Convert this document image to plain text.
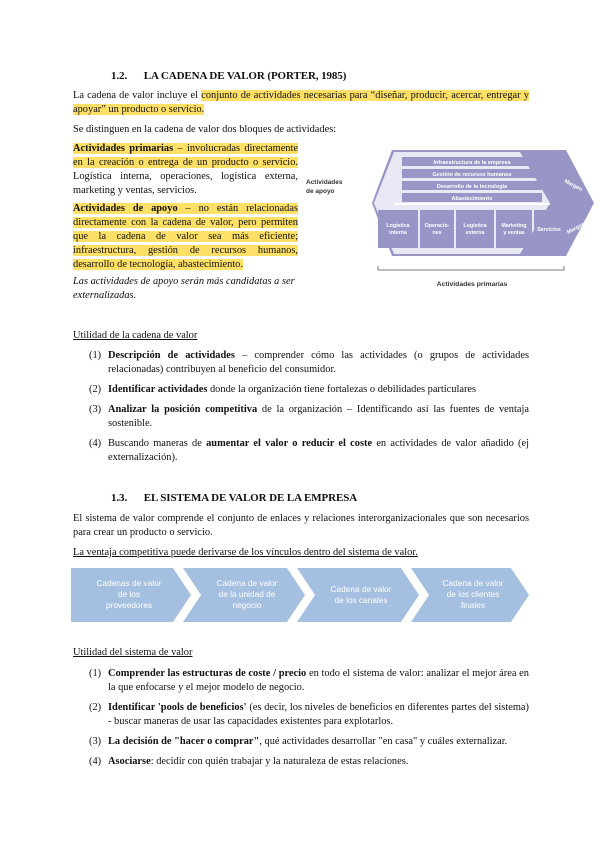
1.2. LA CADENA DE VALOR (PORTER, 1985)
La cadena de valor incluye el conjunto de actividades necesarias para “diseñar, producir, acercar, entregar y apoyar” un producto o servicio.
Se distinguen en la cadena de valor dos bloques de actividades:
Actividades primarias – involucradas directamente en la creación o entrega de un producto o servicio. Logística interna, operaciones, logística externa, marketing y ventas, servicios.
Actividades de apoyo – no están relacionadas directamente con la cadena de valor, pero permiten que la cadena de valor sea más eficiente; infraestructura, gestión de recursos humanos, desarrollo de tecnología, abastecimiento.
Las actividades de apoyo serán más candidatas a ser externalizadas.
Infraestructura de la empresa
Gestión de recursos humanos
Desarrollo de la tecnología
Abastecimiento
Actividades
de apoyo
Logística
interna
Operacio-
nes
Logística
externa
Marketing
y ventas Servicios
Margen
Margen
Actividades primarias
Utilidad de la cadena de valor
(1) Descripción de actividades – comprender cómo las actividades (o grupos de actividades relacionadas) contribuyen al beneficio del consumidor.
(2) Identificar actividades donde la organización tiene fortalezas o debilidades particulares
(3) Analizar la posición competitiva de la organización – Identificando así las fuentes de ventaja sostenible.
(4) Buscando maneras de aumentar el valor o reducir el coste en actividades de valor añadido (ej externalización).
1.3. EL SISTEMA DE VALOR DE LA EMPRESA
El sistema de valor comprende el conjunto de enlaces y relaciones interorganizacionales que son necesarios para crear un producto o servicio.
La ventaja competitiva puede derivarse de los vínculos dentro del sistema de valor.
Cadenas de valor
de los
proveedores
Cadena de valor
de la unidad de
negocio
Cadena de valor
de los canales
Cadena de valor
de los clientes
finales
Utilidad del sistema de valor
(1) Comprender las estructuras de coste / precio en todo el sistema de valor: analizar el mejor área en la que enfocarse y el mejor modelo de negocio.
(2) Identificar 'pools de beneficios' (es decir, los niveles de beneficios en diferentes partes del sistema) - buscar maneras de usar las capacidades existentes para explotarlos.
(3) La decisión de "hacer o comprar", qué actividades desarrollar "en casa" y cuáles externalizar.
(4) Asociarse: decidir con quién trabajar y la naturaleza de estas relaciones.
